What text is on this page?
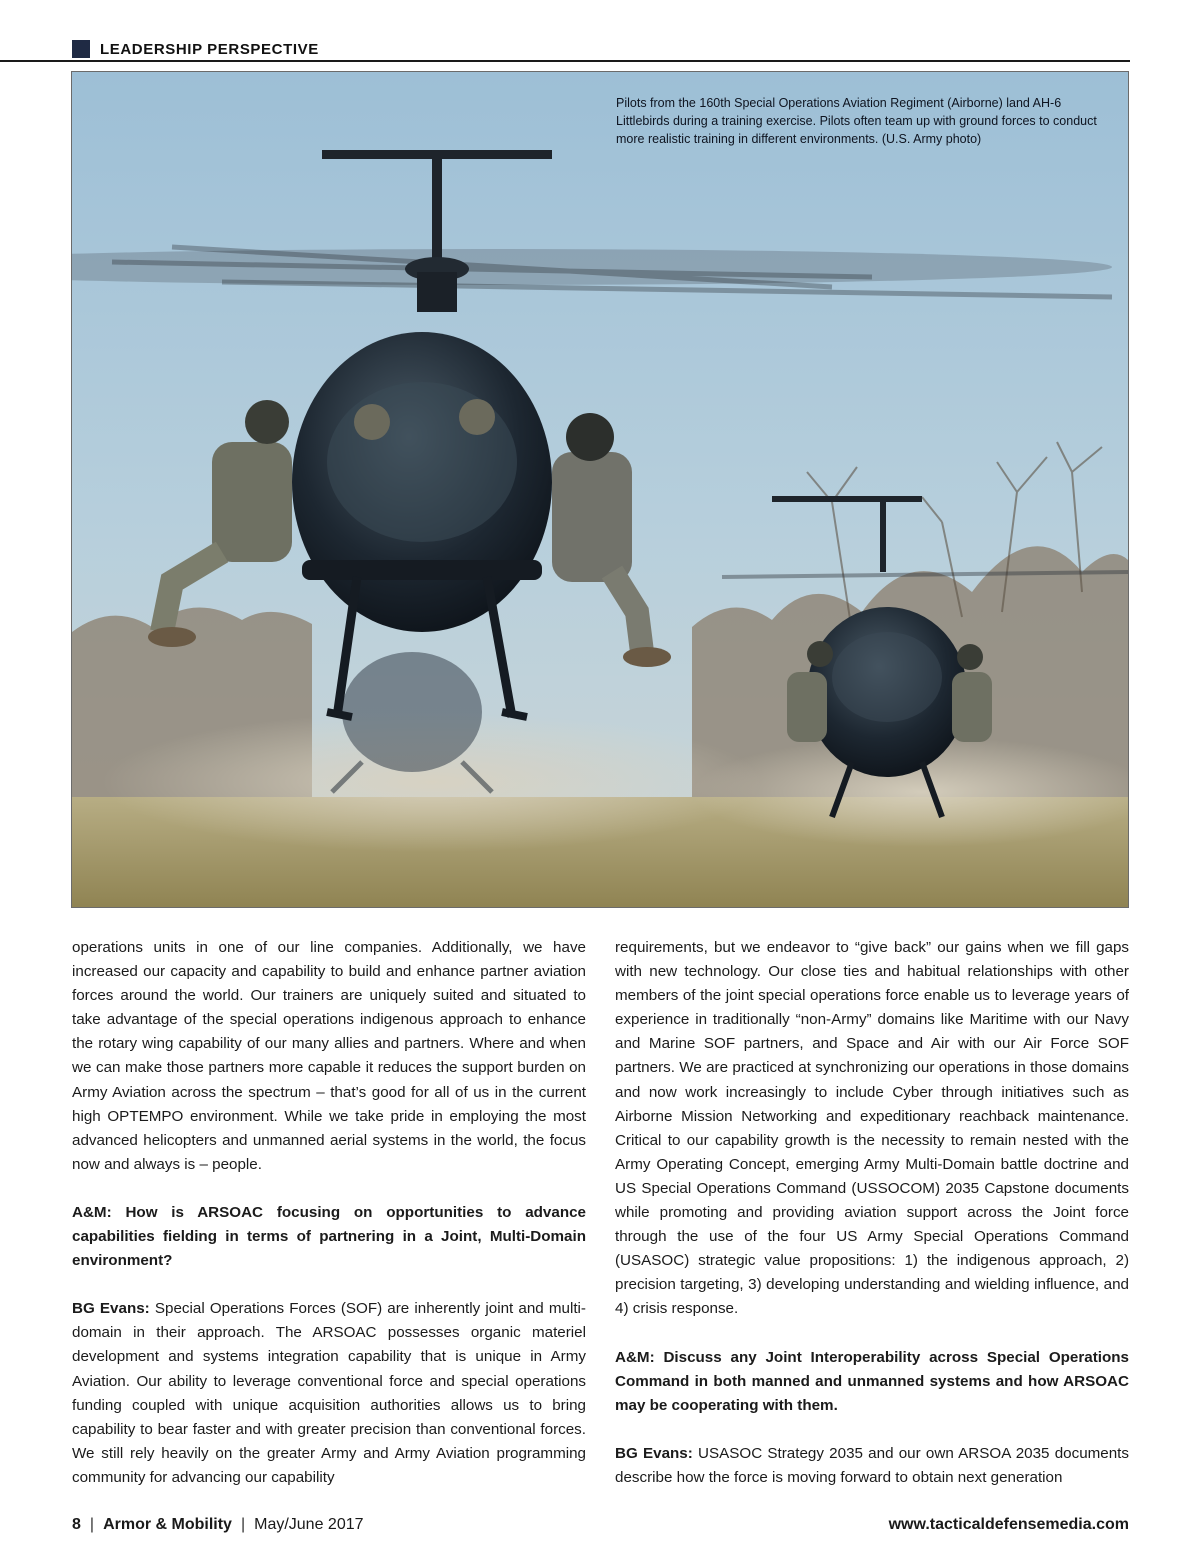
LEADERSHIP PERSPECTIVE
Pilots from the 160th Special Operations Aviation Regiment (Airborne) land AH-6 Littlebirds during a training exercise. Pilots often team up with ground forces to conduct more realistic training in different environments. (U.S. Army photo)

operations units in one of our line companies. Additionally, we have increased our capacity and capability to build and enhance partner aviation forces around the world. Our trainers are uniquely suited and situated to take advantage of the special operations indigenous approach to enhance the rotary wing capability of our many allies and partners. Where and when we can make those partners more capable it reduces the support burden on Army Aviation across the spectrum – that’s good for all of us in the current high OPTEMPO environment. While we take pride in employing the most advanced helicopters and unmanned aerial systems in the world, the focus now and always is – people.

A&M: How is ARSOAC focusing on opportunities to advance capabilities fielding in terms of partnering in a Joint, Multi-Domain environment?

BG Evans: Special Operations Forces (SOF) are inherently joint and multi-domain in their approach. The ARSOAC possesses organic materiel development and systems integration capability that is unique in Army Aviation. Our ability to leverage conventional force and special operations funding coupled with unique acquisition authorities allows us to bring capability to bear faster and with greater precision than conventional forces. We still rely heavily on the greater Army and Army Aviation programming community for advancing our capability

requirements, but we endeavor to “give back” our gains when we fill gaps with new technology. Our close ties and habitual relationships with other members of the joint special operations force enable us to leverage years of experience in traditionally “non-Army” domains like Maritime with our Navy and Marine SOF partners, and Space and Air with our Air Force SOF partners. We are practiced at synchronizing our operations in those domains and now work increasingly to include Cyber through initiatives such as Airborne Mission Networking and expeditionary reachback maintenance. Critical to our capability growth is the necessity to remain nested with the Army Operating Concept, emerging Army Multi-Domain battle doctrine and US Special Operations Command (USSOCOM) 2035 Capstone documents while promoting and providing aviation support across the Joint force through the use of the four US Army Special Operations Command (USASOC) strategic value propositions: 1) the indigenous approach, 2) precision targeting, 3) developing understanding and wielding influence, and 4) crisis response.

A&M: Discuss any Joint Interoperability across Special Operations Command in both manned and unmanned systems and how ARSOAC may be cooperating with them.

BG Evans: USASOC Strategy 2035 and our own ARSOA 2035 documents describe how the force is moving forward to obtain next generation

8 | Armor & Mobility | May/June 2017	www.tacticaldefensemedia.com
